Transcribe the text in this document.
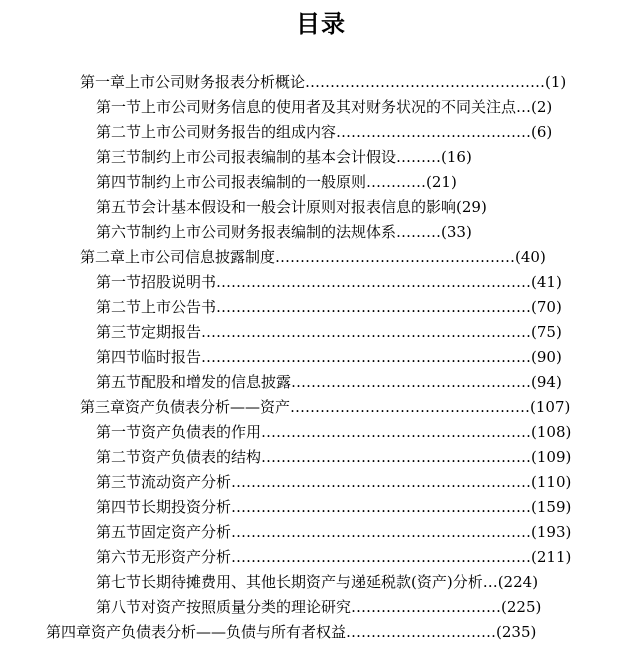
目录
第一章上市公司财务报表分析概论…………………………………………(1)
第一节上市公司财务信息的使用者及其对财务状况的不同关注点…(2)
第二节上市公司财务报告的组成内容…………………………………(6)
第三节制约上市公司报表编制的基本会计假设………(16)
第四节制约上市公司报表编制的一般原则…………(21)
第五节会计基本假设和一般会计原则对报表信息的影响(29)
第六节制约上市公司财务报表编制的法规体系………(33)
第二章上市公司信息披露制度…………………………………………(40)
第一节招股说明书………………………………………………………(41)
第二节上市公告书………………………………………………………(70)
第三节定期报告…………………………………………………………(75)
第四节临时报告…………………………………………………………(90)
第五节配股和增发的信息披露…………………………………………(94)
第三章资产负债表分析——资产…………………………………………(107)
第一节资产负债表的作用………………………………………………(108)
第二节资产负债表的结构………………………………………………(109)
第三节流动资产分析……………………………………………………(110)
第四节长期投资分析……………………………………………………(159)
第五节固定资产分析……………………………………………………(193)
第六节无形资产分析……………………………………………………(211)
第七节长期待摊费用、其他长期资产与递延税款(资产)分析…(224)
第八节对资产按照质量分类的理论研究…………………………(225)
第四章资产负债表分析——负债与所有者权益…………………………(235)
